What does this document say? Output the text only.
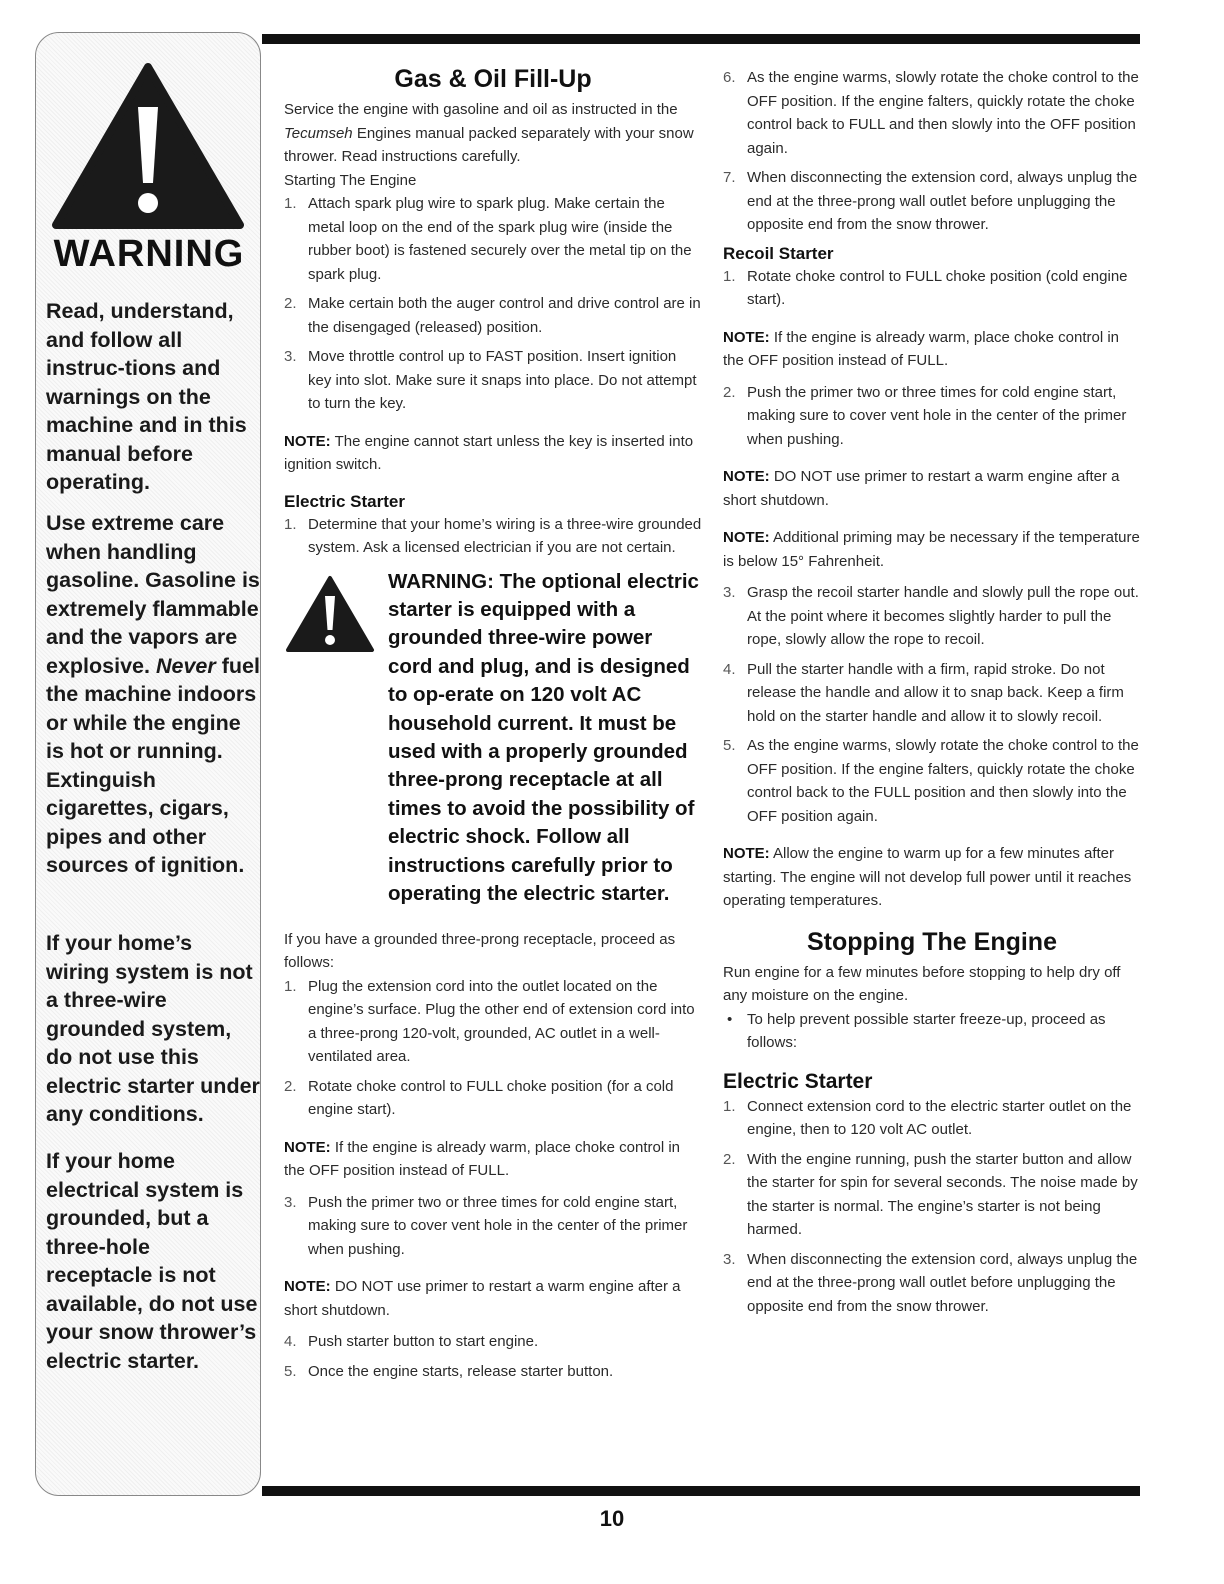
WARNING

Read, understand, and follow all instruc-tions and warnings on the machine and in this manual before operating.

Use extreme care when handling gasoline. Gasoline is extremely flammable and the vapors are explosive. Never fuel the machine indoors or while the engine is hot or running. Extinguish cigarettes, cigars, pipes and other sources of ignition.

If your home’s wiring system is not a three-wire grounded system, do not use this electric starter under any conditions.

If your home electrical system is grounded, but a three-hole receptacle is not available, do not use your snow thrower’s electric starter.

Gas & Oil Fill-Up

Service the engine with gasoline and oil as instructed in the Tecumseh Engines manual packed separately with your snow thrower. Read instructions carefully.

Starting The Engine

1. Attach spark plug wire to spark plug. Make certain the metal loop on the end of the spark plug wire (inside the rubber boot) is fastened securely over the metal tip on the spark plug.
2. Make certain both the auger control and drive control are in the disengaged (released) position.
3. Move throttle control up to FAST position. Insert ignition key into slot. Make sure it snaps into place. Do not attempt to turn the key.

NOTE: The engine cannot start unless the key is inserted into ignition switch.

Electric Starter
1. Determine that your home’s wiring is a three-wire grounded system. Ask a licensed electrician if you are not certain.
WARNING: The optional electric starter is equipped with a grounded three-wire power cord and plug, and is designed to op-erate on 120 volt AC household current. It must be used with a properly grounded three-prong receptacle at all times to avoid the possibility of electric shock. Follow all instructions carefully prior to operating the electric starter.

If you have a grounded three-prong receptacle, proceed as follows:

1. Plug the extension cord into the outlet located on the engine’s surface. Plug the other end of extension cord into a three-prong 120-volt, grounded, AC outlet in a well-ventilated area.
2. Rotate choke control to FULL choke position (for a cold engine start).

NOTE: If the engine is already warm, place choke control in the OFF position instead of FULL.

3. Push the primer two or three times for cold engine start, making sure to cover vent hole in the center of the primer when pushing.

NOTE: DO NOT use primer to restart a warm engine after a short shutdown.

4. Push starter button to start engine.
5. Once the engine starts, release starter button.
6. As the engine warms, slowly rotate the choke control to the OFF position. If the engine falters, quickly rotate the choke control back to FULL and then slowly into the OFF position again.
7. When disconnecting the extension cord, always unplug the end at the three-prong wall outlet before unplugging the opposite end from the snow thrower.
Recoil Starter
1. Rotate choke control to FULL choke position (cold engine start).

NOTE: If the engine is already warm, place choke control in the OFF position instead of FULL.

2. Push the primer two or three times for cold engine start, making sure to cover vent hole in the center of the primer when pushing.

NOTE: DO NOT use primer to restart a warm engine after a short shutdown.

NOTE: Additional priming may be necessary if the temperature is below 15° Fahrenheit.

3. Grasp the recoil starter handle and slowly pull the rope out. At the point where it becomes slightly harder to pull the rope, slowly allow the rope to recoil.
4. Pull the starter handle with a firm, rapid stroke. Do not release the handle and allow it to snap back. Keep a firm hold on the starter handle and allow it to slowly recoil.
5. As the engine warms, slowly rotate the choke control to the OFF position. If the engine falters, quickly rotate the choke control back to the FULL position and then slowly into the OFF position again.

NOTE: Allow the engine to warm up for a few minutes after starting. The engine will not develop full power until it reaches operating temperatures.

Stopping The Engine

Run engine for a few minutes before stopping to help dry off any moisture on the engine.

• To help prevent possible starter freeze-up, proceed as follows:
Electric Starter
1. Connect extension cord to the electric starter outlet on the engine, then to 120 volt AC outlet.
2. With the engine running, push the starter button and allow the starter for spin for several seconds. The noise made by the starter is normal. The engine’s starter is not being harmed.
3. When disconnecting the extension cord, always unplug the end at the three-prong wall outlet before unplugging the opposite end from the snow thrower.
10
